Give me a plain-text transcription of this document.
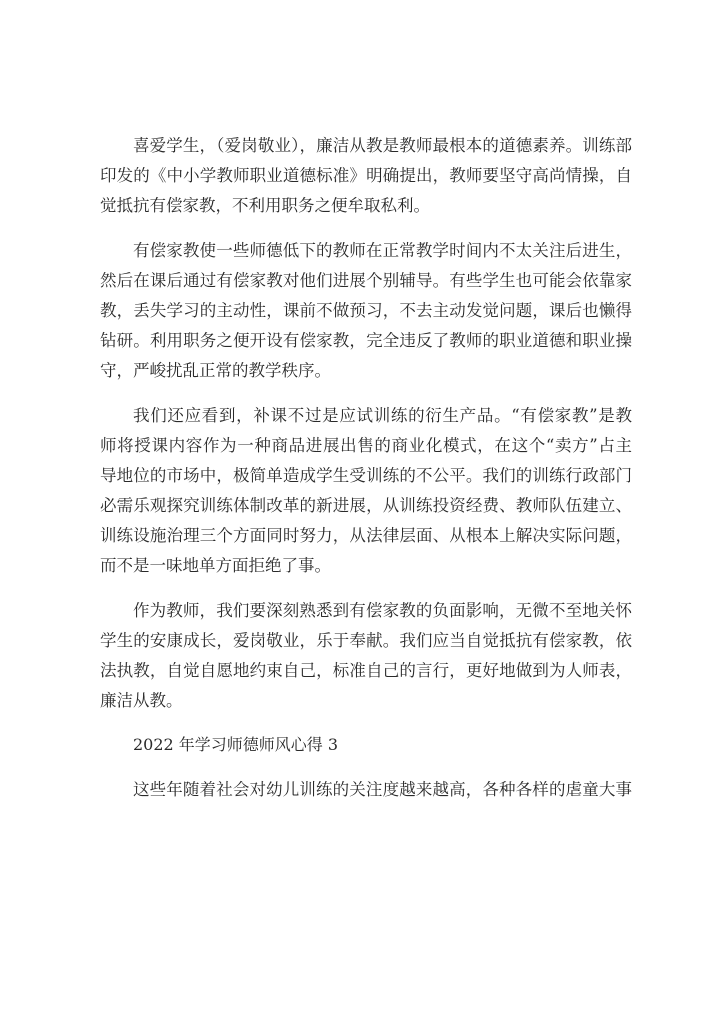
喜爱学生，（爱岗敬业），廉洁从教是教师最根本的道德素养。训练部
印发的《中小学教师职业道德标准》明确提出，教师要坚守高尚情操，自
觉抵抗有偿家教，不利用职务之便牟取私利。
有偿家教使一些师德低下的教师在正常教学时间内不太关注后进生，
然后在课后通过有偿家教对他们进展个别辅导。有些学生也可能会依靠家
教，丢失学习的主动性，课前不做预习，不去主动发觉问题，课后也懒得
钻研。利用职务之便开设有偿家教，完全违反了教师的职业道德和职业操
守，严峻扰乱正常的教学秩序。
我们还应看到，补课不过是应试训练的衍生产品。“有偿家教”是教
师将授课内容作为一种商品进展出售的商业化模式，在这个“卖方”占主
导地位的市场中，极简单造成学生受训练的不公平。我们的训练行政部门
必需乐观探究训练体制改革的新进展，从训练投资经费、教师队伍建立、
训练设施治理三个方面同时努力，从法律层面、从根本上解决实际问题，
而不是一味地单方面拒绝了事。
作为教师，我们要深刻熟悉到有偿家教的负面影响，无微不至地关怀
学生的安康成长，爱岗敬业，乐于奉献。我们应当自觉抵抗有偿家教，依
法执教，自觉自愿地约束自己，标准自己的言行，更好地做到为人师表，
廉洁从教。
2022 年学习师德师风心得 3
这些年随着社会对幼儿训练的关注度越来越高，各种各样的虐童大事
